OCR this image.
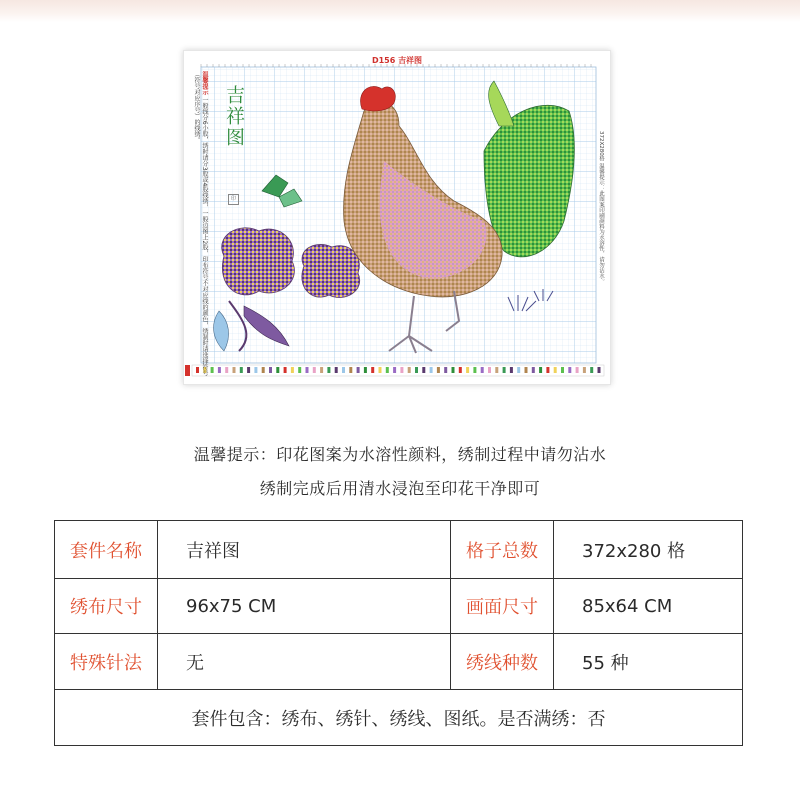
D156 吉祥图
温馨提示 一般线分6小股，绣时请分3股或4股线绣，一般边图上2股，印布符号不对应线的颜色，绣制时请选择符号（符号对应序号）的线绣。	吉祥图
印
372X280格 温馨提示：此图案印刷颜料为水溶性，请勿沾水。
温馨提示：印花图案为水溶性颜料，绣制过程中请勿沾水
绣制完成后用清水浸泡至印花干净即可
套件名称	吉祥图	格子总数	372x280 格
绣布尺寸	96x75 CM	画面尺寸	85x64 CM
特殊针法	无	绣线种数	55 种
套件包含：绣布、绣针、绣线、图纸。是否满绣：否
